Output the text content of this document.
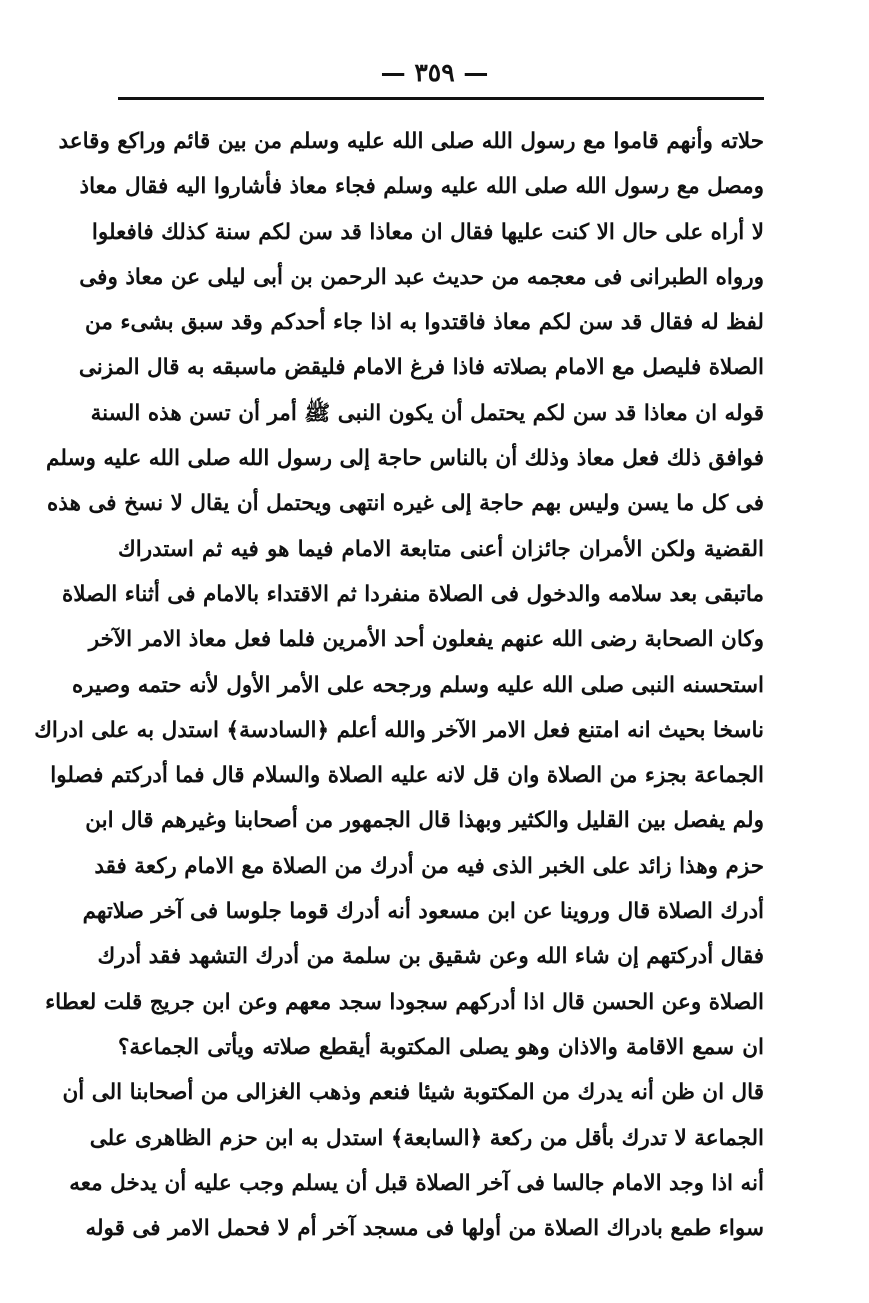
— ٣٥٩ —
حلاته وأنهم قاموا مع رسول الله صلى الله عليه وسلم من بين قائم وراكع وقاعد
ومصل مع رسول الله صلى الله عليه وسلم فجاء معاذ فأشاروا اليه فقال معاذ
لا أراه على حال الا كنت عليها فقال ان معاذا قد سن لكم سنة كذلك فافعلوا
ورواه الطبرانى فى معجمه من حديث عبد الرحمن بن أبى ليلى عن معاذ وفى
لفظ له فقال قد سن لكم معاذ فاقتدوا به اذا جاء أحدكم وقد سبق بشىء من
الصلاة فليصل مع الامام بصلاته فاذا فرغ الامام فليقض ماسبقه به قال المزنى
قوله ان معاذا قد سن لكم يحتمل أن يكون النبى ﷺ أمر أن تسن هذه السنة
فوافق ذلك فعل معاذ وذلك أن بالناس حاجة إلى رسول الله صلى الله عليه وسلم
فى كل ما يسن وليس بهم حاجة إلى غيره انتهى ويحتمل أن يقال لا نسخ فى هذه
القضية ولكن الأمران جائزان أعنى متابعة الامام فيما هو فيه ثم استدراك
ماتبقى بعد سلامه والدخول فى الصلاة منفردا ثم الاقتداء بالامام فى أثناء الصلاة
وكان الصحابة رضى الله عنهم يفعلون أحد الأمرين فلما فعل معاذ الامر الآخر
استحسنه النبى صلى الله عليه وسلم ورجحه على الأمر الأول لأنه حتمه وصيره
ناسخا بحيث انه امتنع فعل الامر الآخر والله أعلم ﴿السادسة﴾ استدل به على ادراك
الجماعة بجزء من الصلاة وان قل لانه عليه الصلاة والسلام قال فما أدركتم فصلوا
ولم يفصل بين القليل والكثير وبهذا قال الجمهور من أصحابنا وغيرهم قال ابن
حزم وهذا زائد على الخبر الذى فيه من أدرك من الصلاة مع الامام ركعة فقد
أدرك الصلاة قال وروينا عن ابن مسعود أنه أدرك قوما جلوسا فى آخر صلاتهم
فقال أدركتهم إن شاء الله وعن شقيق بن سلمة من أدرك التشهد فقد أدرك
الصلاة وعن الحسن قال اذا أدركهم سجودا سجد معهم وعن ابن جريج قلت لعطاء
ان سمع الاقامة والاذان وهو يصلى المكتوبة أيقطع صلاته ويأتى الجماعة؟
قال ان ظن أنه يدرك من المكتوبة شيئا فنعم وذهب الغزالى من أصحابنا الى أن
الجماعة لا تدرك بأقل من ركعة ﴿السابعة﴾ استدل به ابن حزم الظاهرى على
أنه اذا وجد الامام جالسا فى آخر الصلاة قبل أن يسلم وجب عليه أن يدخل معه
سواء طمع بادراك الصلاة من أولها فى مسجد آخر أم لا فحمل الامر فى قوله
